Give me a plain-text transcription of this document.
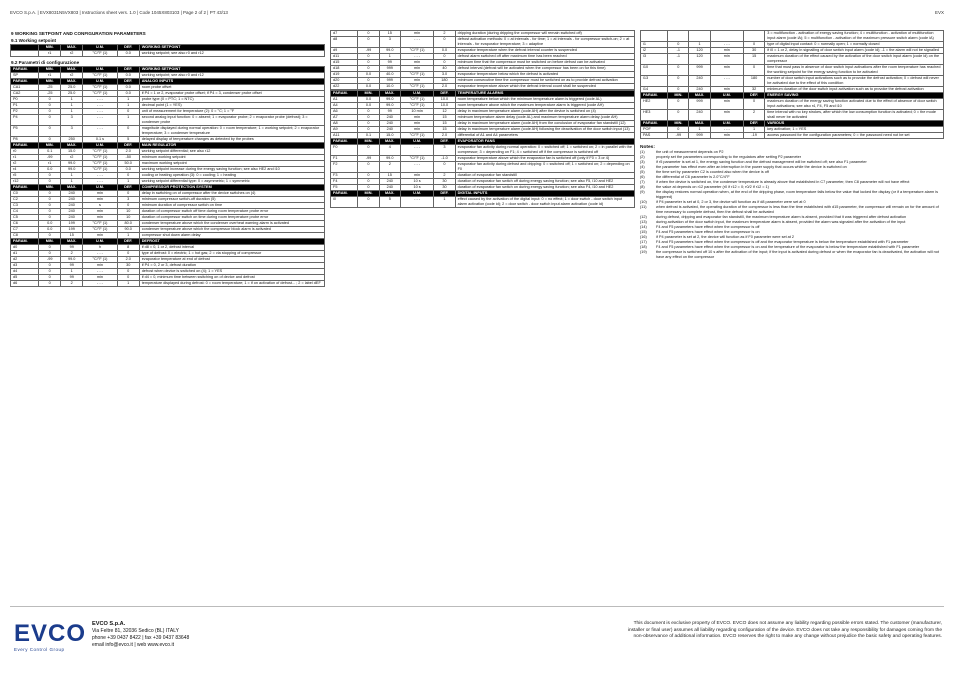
EVCO S.p.A. | EVX8031N5VX803 | Instructions sheet vers. 1.0 | Code 1045X803103 | Page 2 of 2 | PT 43/13	EVX
9 WORKING SETPOINT AND CONFIGURATION PARAMETERS
9.1 Working setpoint
	MIN.	MAX.	U.M.	DEF.	WORKING SETPOINT
	r1	r2	°C/°F (1)	0.0	working setpoint; see also r0 and r12
9.2 Parametri di configurazione
PARAM.	MIN.	MAX.	U.M.	DEF.	WORKING SETPOINT
SP	r1	r2	°C/°F (1)	0.0	working setpoint; see also r0 and r12
PARAM.	MIN.	MAX.	U.M.	DEF.	ANALOG INPUTS
CA1	-25	25.0	°C/°F (1)	0.0	room probe offset
CA2	-25	25.0	°C/°F (1)	0.0	if P4 = 1 or 2, evaporator probe offset; if P4 = 3, condenser probe offset
P0	0	1	- - -	1	probe type (0 = PTC; 1 = NTC)
P1	0	1	- - -	1	decimal point (1 = YES)
P2	0	1	- - -	0	unit of measurement for temperature (2): 0 = °C; 1 = °F
P4	0	3	- - -	1	second analog input function: 0 = absent; 1 = evaporator probe; 2 = evaporator probe (defrost); 3 = condenser probe
P5	0	3	- - -	0	magnitude displayed during normal operation: 0 = room temperature; 1 = working setpoint; 2 = evaporator temperature; 3 = condenser temperature
P8	0	250	0.1 s	5	delayed display of temperature changes as detected by the probes
PARAM.	MIN.	MAX.	U.M.	DEF.	MAIN REGULATOR
r0	0.1	15.0	°C/°F (1)	2.0	working setpoint differential; see also r12
r1	-99	r2	°C/°F (1)	-50	minimum working setpoint
r2	r1	99.0	°C/°F (1)	50.0	maximum working setpoint
r4	0.0	99.0	°C/°F (1)	0.0	working setpoint increase during the energy saving function; see also HE2 and i10
r5	0	1	- - -	0	cooling or heating operation (3): 0 = cooling; 1 = heating
r12	0	1	- - -	1	working setpoint differential type: 0 = asymmetric; 1 = symmetric
PARAM.	MIN.	MAX.	U.M.	DEF.	COMPRESSOR PROTECTION SYSTEM
C0	0	240	min	0	delay in switching on of compressor after the device switches on (4)
C2	0	240	min	3	minimum compressor switch-off duration (5)
C3	0	240	s	0	minimum duration of compressor switch on time
C4	0	240	min	10	duration of compressor switch off time during room temperature probe error
C5	0	240	min	10	duration of compressor switch on time during room temperature probe error
C6	0.0	199	°C/°F (1)	80.0	condenser temperature above which the condenser overheat warning alarm is activated
C7	0.0	199	°C/°F (1)	90.0	condenser temperature above which the compressor block alarm is activated
C8	0	15	min	1	compressor shut down alarm delay
PARAM.	MIN.	MAX.	U.M.	DEF.	DEFROST
d0	0	99	h	8	if d8 = 0, 1 or 2, defrost interval
d1	0	2	- - -	0	type of defrost: 0 = electric; 1 = hot gas; 2 = via stopping of compressor
d2	-99	99.0	°C/°F (1)	2.0	evaporator temperature at end of defrost
d3	0	99	min	30	if P4 = 0, 2 or 3, defrost duration
d4	0	1	- - -	0	defrost when device is switched on (4); 1 = YES
d5	0	99	min	0	if d4 = 0, minimum time between switching on of device and defrost
d6	0	2	- - -	1	temperature displayed during defrost: 0 = room temperature; 1 = if on activation of defrost... ; 2 = label dEF
d7	0	15	min	2	dripping duration (during dripping the compressor will remain switched off)
d8	0	3	- - -	0	defrost activation methods: 0 = at intervals - for time; 1 = at intervals - for compressor switch-on; 2 = at intervals - for evaporator temperature; 3 = adaptive
d9	-99	99.0	°C/°F (1)	0.0	evaporator temperature when the defrost interval counter is suspended
d11	0	1	- - -	0	defrost alarm switched off after maximum time has been reached
d15	0	99	min	0	minimum time that the compressor must be switched on before defrost can be activated
d18	0	999	min	40	defrost interval (defrost will be activated when the compressor has been on for this time)
d19	0.0	40.0	°C/°F (1)	3.0	evaporator temperature below which the defrost is activated
d20	0	999	min	180	minimum consecutive time the compressor must be switched on as to provide defrost activation
d22	0.0	10.0	°C/°F (1)	2.0	evaporator temperature above which the defrost interval count shall be suspended
PARAM.	MIN.	MAX.	U.M.	DEF.	TEMPERATURE ALARMS
A1	0.0	99.0	°C/°F (1)	10.0	room temperature below which the minimum temperature alarm is triggered (code AL)
A4	0.0	99.0	°C/°F (1)	10.0	room temperature above which the maximum temperature alarm is triggered (code AH)
A6	0	99	10 min	12	delay in maximum temperature alarm (code AH) after the device is switched on (4)
A7	0	240	min	15	minimum temperature alarm delay (code AL) and maximum temperature alarm delay (code AH)
A8	0	240	min	15	delay in maximum temperature alarm (code AH) from the conclusion of evaporator fan standstill (12)
A9	0	240	min	15	delay in maximum temperature alarm (code AH) following the deactivation of the door switch input (13)
A11	0.1	15.0	°C/°F (1)	2.0	differential of A1 and A4 parameters
PARAM.	MIN.	MAX.	U.M.	DEF.	EVAPORATOR FANS
F0	0	4	- - -	3	evaporator fan activity during normal operation: 0 = switched off; 1 = switched on; 2 = in parallel with the compressor; 3 = depending on F1; 4 = switched off if the compressor is switched off
F1	-99	99.0	°C/°F (1)	-1.0	evaporator temperature above which the evaporator fan is switched off (only if F0 = 3 or 4)
F2	0	2	- - -	0	evaporator fan activity during defrost and dripping: 0 = switched off; 1 = switched on; 2 = depending on F0
F3	0	15	min	2	duration of evaporator fan standstill
F4	0	240	10 s	30	duration of evaporator fan switch off during energy saving function; see also F5, i10 and HE2
F5	0	240	10 s	30	duration of evaporator fan switch on during energy saving function; see also F4, i10 and HE2
PARAM.	MIN.	MAX.	U.M.	DEF.	DIGITAL INPUTS
i0	0	5	- - -	1	effect caused by the activation of the digital input: 0 = no effect; 1 = door switch - door switch input alarm activation (code id); 2 = door switch - door switch input alarm activation (code id)
					3 = multifunction - activation of energy saving function; 4 = multifunction - activation of multifunction input alarm (code iA); 5 = multifunction - activation of the maximum pressure switch alarm (code iA)
i1	0	1	- - -	0	type of digital input contact: 0 = normally open; 1 = normally closed
i2	-1	120	min	30	if i0 = 1 or 2, delay in signalling of door switch input alarm (code id); -1 = the alarm will not be signalled
i3	-1	120	min	15	maximum duration of the effect caused by the activation of the door switch input alarm (code id) on the compressor
i10	0	999	min	0	time that must pass in absence of door switch input activations after the room temperature has reached the working setpoint for the energy saving function to be activated
i13	0	240	- - -	180	number of door switch input activations such as to provoke the defrost activation; 0 = defrost will never be activated due to the effect of this condition
i14	0	240	min	32	minimum duration of the door switch input activation such as to provoke the defrost activation
PARAM.	MIN.	MAX.	U.M.	DEF.	ENERGY SAVING
HE2	0	999	min	0	maximum duration of the energy saving function activated due to the effect of absence of door switch input activations; see also r4, F4, F5 and i10
HE3	0	240	min	2	time interval with no key strokes, after which the low consumption function is activated; 0 = the mode shall never be activated
PARAM.	MIN.	MAX.	U.M.	DEF.	VARIOUS
POF	0	1	- - -	1	key activation; 1 = YES
PAS	-99	999	min	-19	access password for the configuration parameters; 0 = the password need not be set
Notes:
(1)	the unit of measurement depends on P2
(2)	properly set the parameters corresponding to the regulators after setting P2 parameter
(3)	if r5 parameter is set at 1, the energy saving function and the defrost management will be switched off; see also F1 parameter
(4)	the parameter has effect even after an interruption in the power supply that occurs while the device is switched on
(5)	the time set by parameter C2 is counted also when the device is off
(6)	the differential of C6 parameter is 2.0°C/4°F
(7)	if when the device is switched on, the condenser temperature is already above that established in C7 parameter, then C8 parameter will not have effect
(8)	the value at depends on r12 parameter (r0 if r12 = 0; r0/2 if r12 = 1)
(9)	the display restores normal operation when, at the end of the dripping phase, room temperature falls below the value that locked the display (or if a temperature alarm is triggered)
(10)	if P4 parameter is set at 0, 2 or 3, the device will function as if d8 parameter were set at 0
(11)	when defrost is activated, the operating duration of the compressor is less than the time established with d15 parameter, the compressor will remain on for the amount of time necessary to complete defrost, then the defrost shall be activated
(12)	during defrost, dripping and evaporator fan standstill, the maximum temperature alarm is absent, provided that it was triggered after defrost activation
(13)	during activation of the door switch input, the maximum temperature alarm is absent, provided the alarm was signaled after the activation of the input
(14)	F4 and F5 parameters have effect when the compressor is off
(15)	F4 and F5 parameters have effect when the compressor is on
(16)	if P4 parameter is set at 2, the device will function as if F0 parameter were set at 2
(17)	F4 and F5 parameters have effect when the compressor is off and the evaporator temperature is below the temperature established with F1 parameter
(18)	F4 and F5 parameters have effect when the compressor is on and the temperature of the evaporator is below the temperature established with F1 parameter
(19)	the compressor is switched off 10 s after the activation of the input; if the input is activated during defrost or when the evaporator fan is deactivated, the activation will not have any effect on the compressor
EVCO
Every Control Group
EVCO S.p.A.
Via Feltre 81, 32036 Sedico (BL) ITALY
phone +39 0437 8422 | fax +39 0437 83648
email info@evco.it | web www.evco.it
This document is exclusive property of EVCO. EVCO does not assume any liability regarding possible errors stated. The customer (manufacturer, installer or final user) assumes all liability regarding configuration of the device. EVCO does not take any responsibility for damages coming from the non-observance of additional information. EVCO reserves the right to make any change without prejudice the basic safety and operating features.
